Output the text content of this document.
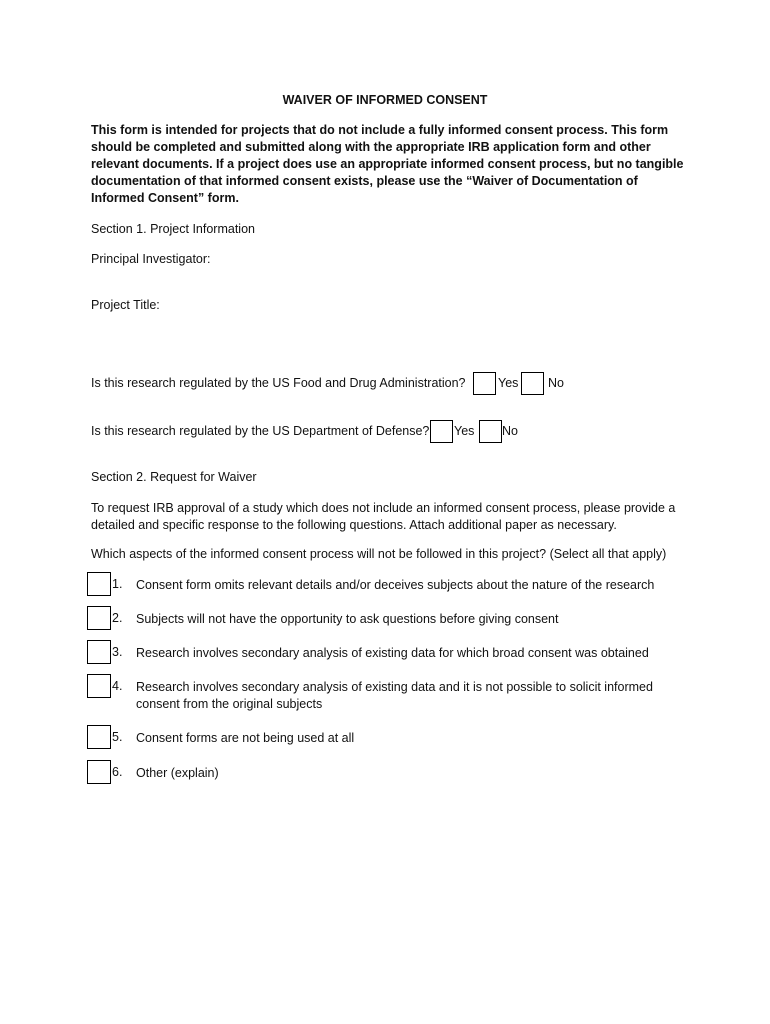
WAIVER OF INFORMED CONSENT
This form is intended for projects that do not include a fully informed consent process. This form should be completed and submitted along with the appropriate IRB application form and other relevant documents. If a project does use an appropriate informed consent process, but no tangible documentation of that informed consent exists, please use the “Waiver of Documentation of Informed Consent” form.
Section 1. Project Information
Principal Investigator:
Project Title:
Is this research regulated by the US Food and Drug Administration?	Yes No
Is this research regulated by the US Department of Defense? Yes No
Section 2. Request for Waiver
To request IRB approval of a study which does not include an informed consent process, please provide a detailed and specific response to the following questions. Attach additional paper as necessary.
Which aspects of the informed consent process will not be followed in this project? (Select all that apply)
1. Consent form omits relevant details and/or deceives subjects about the nature of the research
2. Subjects will not have the opportunity to ask questions before giving consent
3. Research involves secondary analysis of existing data for which broad consent was obtained
4. Research involves secondary analysis of existing data and it is not possible to solicit informed consent from the original subjects
5. Consent forms are not being used at all
6. Other (explain)
